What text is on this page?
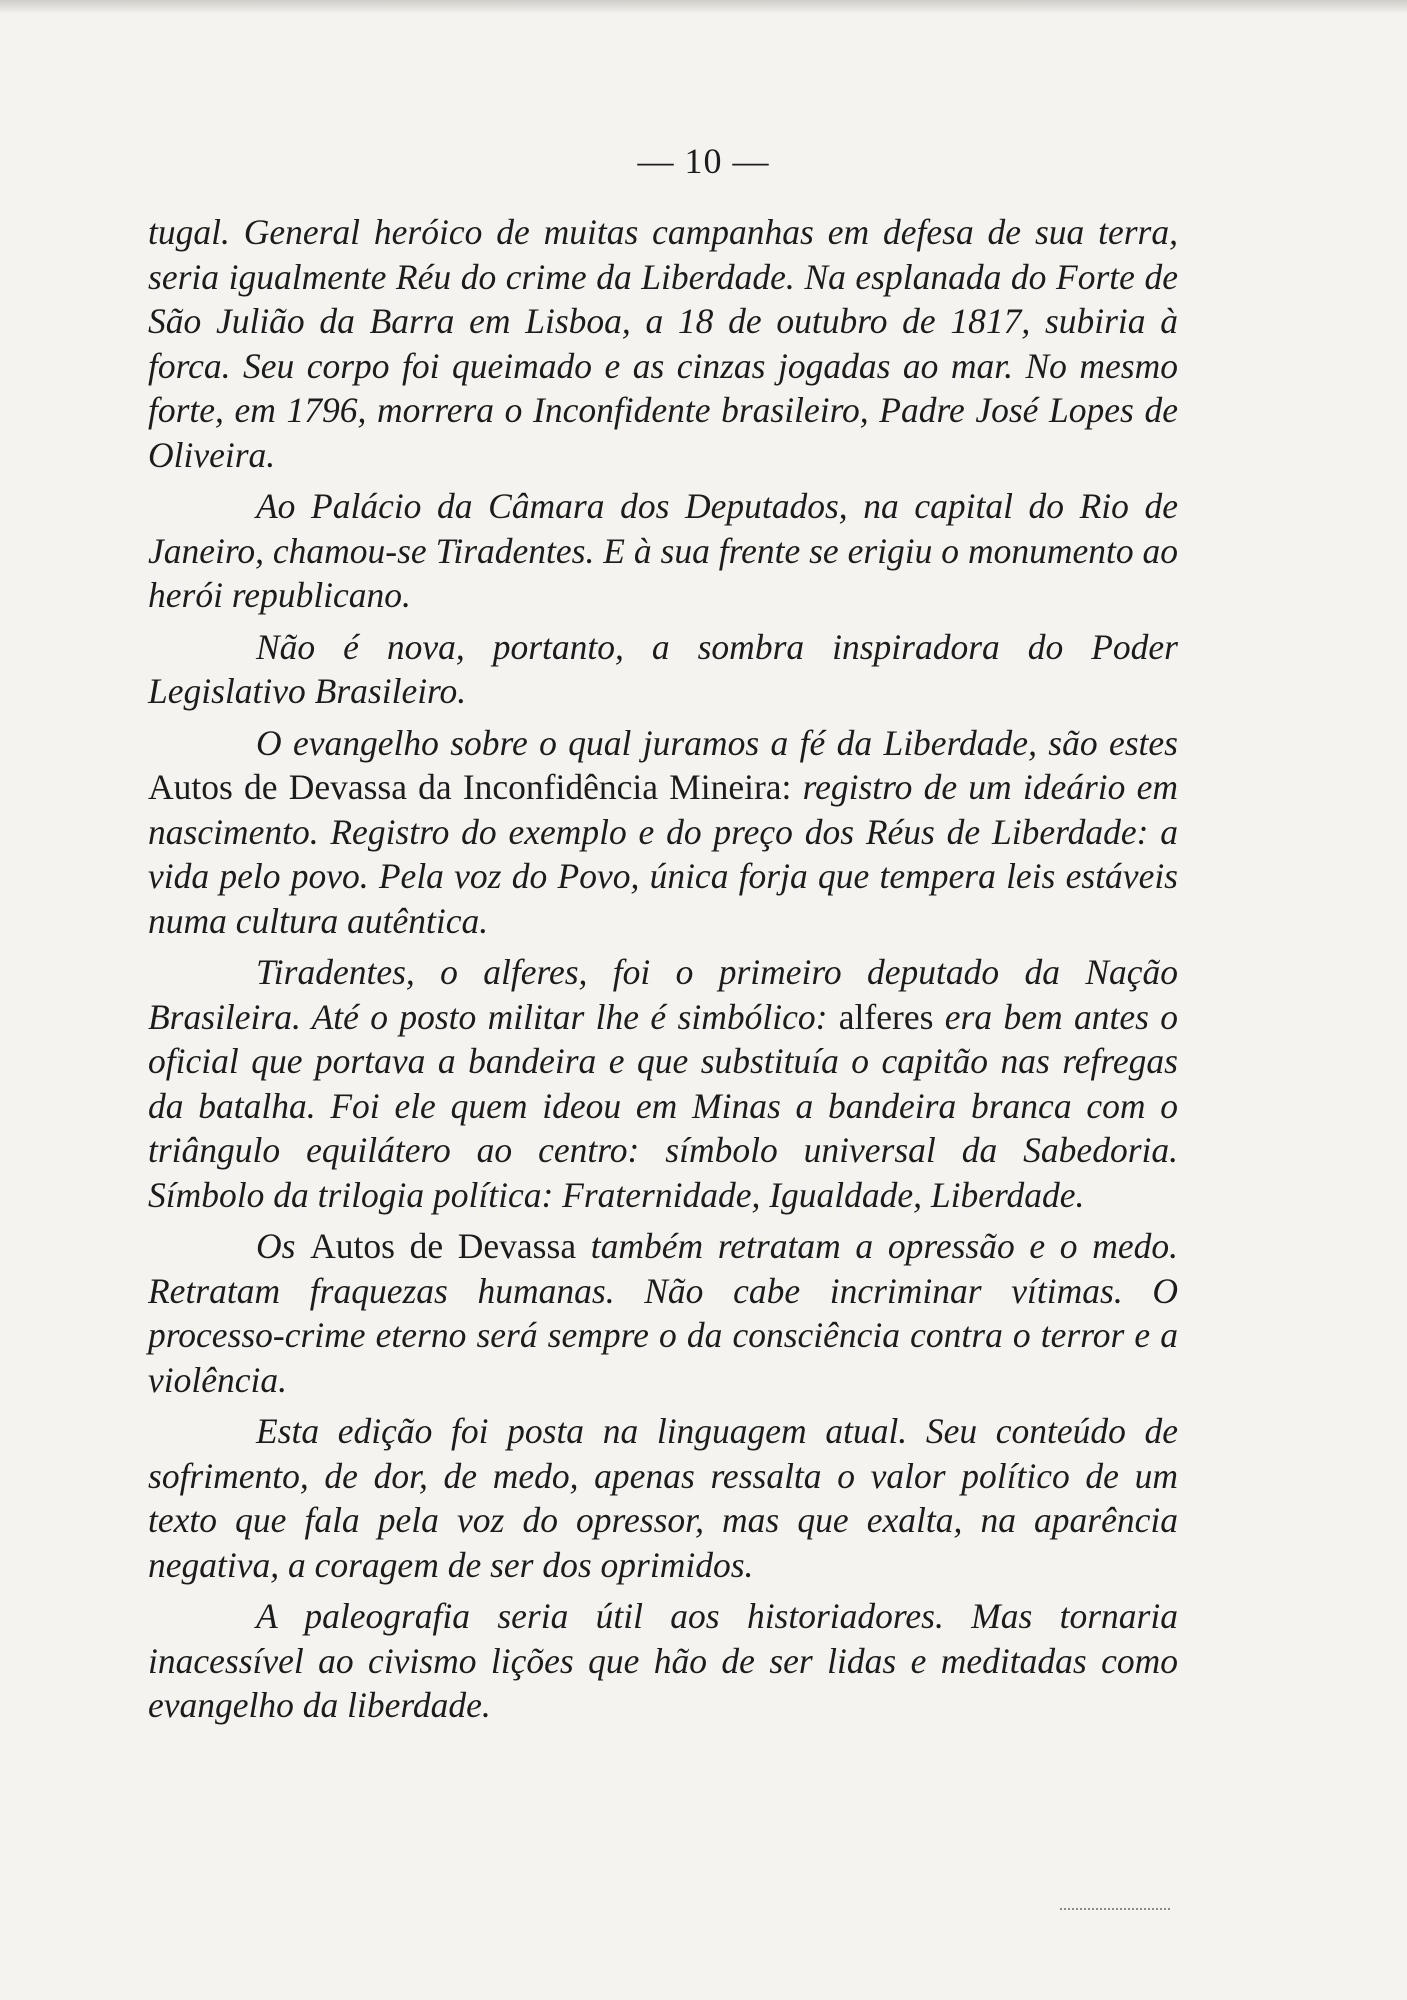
— 10 —

tugal. General heróico de muitas campanhas em defesa de sua terra, seria igualmente Réu do crime da Liberdade. Na esplanada do Forte de São Julião da Barra em Lisboa, a 18 de outubro de 1817, subiria à forca. Seu corpo foi queimado e as cinzas jogadas ao mar. No mesmo forte, em 1796, morrera o Inconfidente brasileiro, Padre José Lopes de Oliveira.

Ao Palácio da Câmara dos Deputados, na capital do Rio de Janeiro, chamou-se Tiradentes. E à sua frente se erigiu o monumento ao herói republicano.

Não é nova, portanto, a sombra inspiradora do Poder Legislativo Brasileiro.

O evangelho sobre o qual juramos a fé da Liberdade, são estes Autos de Devassa da Inconfidência Mineira: registro de um ideário em nascimento. Registro do exemplo e do preço dos Réus de Liberdade: a vida pelo povo. Pela voz do Povo, única forja que tempera leis estáveis numa cultura autêntica.

Tiradentes, o alferes, foi o primeiro deputado da Nação Brasileira. Até o posto militar lhe é simbólico: alferes era bem antes o oficial que portava a bandeira e que substituía o capitão nas refregas da batalha. Foi ele quem ideou em Minas a bandeira branca com o triângulo equilátero ao centro: símbolo universal da Sabedoria. Símbolo da trilogia política: Fraternidade, Igualdade, Liberdade.

Os Autos de Devassa também retratam a opressão e o medo. Retratam fraquezas humanas. Não cabe incriminar vítimas. O processo-crime eterno será sempre o da consciência contra o terror e a violência.

Esta edição foi posta na linguagem atual. Seu conteúdo de sofrimento, de dor, de medo, apenas ressalta o valor político de um texto que fala pela voz do opressor, mas que exalta, na aparência negativa, a coragem de ser dos oprimidos.

A paleografia seria útil aos historiadores. Mas tornaria inacessível ao civismo lições que hão de ser lidas e meditadas como evangelho da liberdade.
